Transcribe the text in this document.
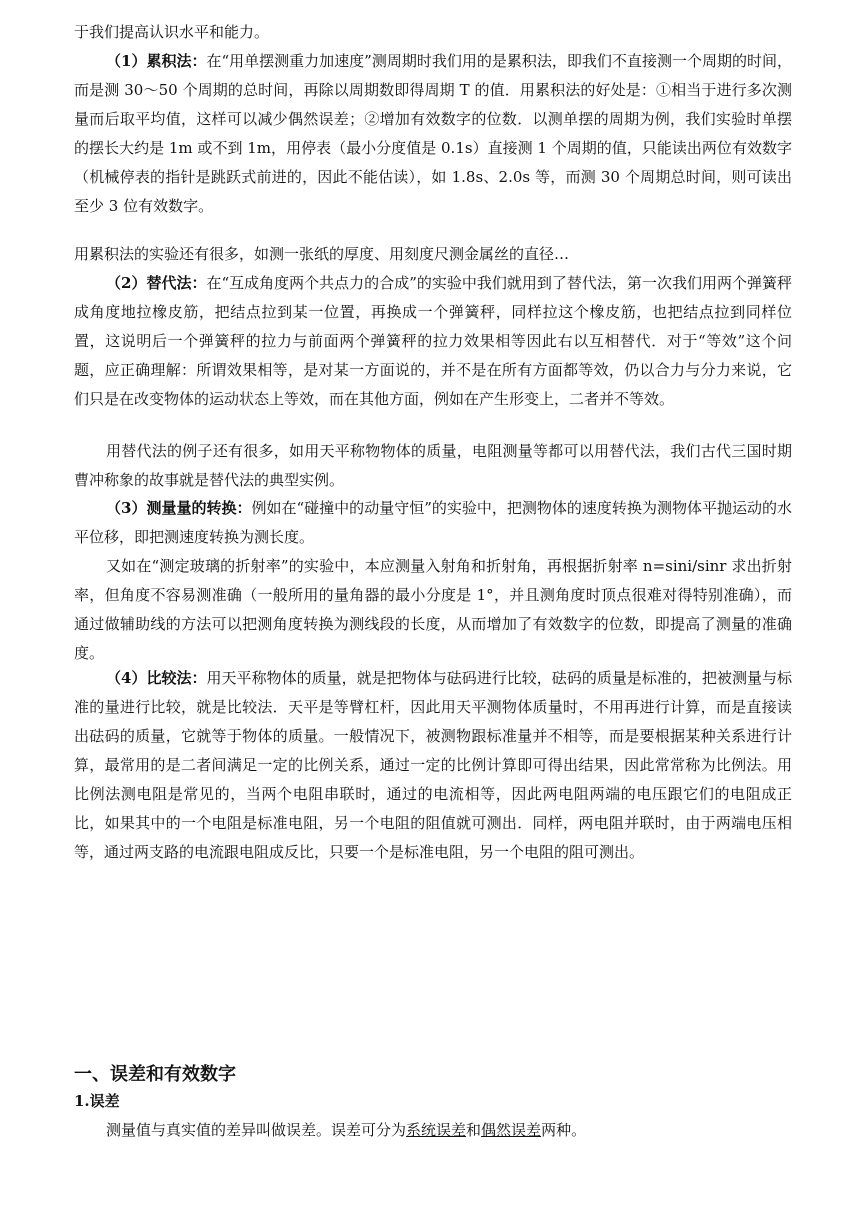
于我们提高认识水平和能力。

（1）累积法：在“用单摆测重力加速度”测周期时我们用的是累积法，即我们不直接测一个周期的时间，而是测 30～50 个周期的总时间，再除以周期数即得周期 T 的值．用累积法的好处是：①相当于进行多次测量而后取平均值，这样可以减少偶然误差；②增加有效数字的位数．以测单摆的周期为例，我们实验时单摆的摆长大约是 1m 或不到 1m，用停表（最小分度值是 0.1s）直接测 1 个周期的值，只能读出两位有效数字（机械停表的指针是跳跃式前进的，因此不能估读），如 1.8s、2.0s 等，而测 30 个周期总时间，则可读出至少 3 位有效数字。

用累积法的实验还有很多，如测一张纸的厚度、用刻度尺测金属丝的直径…

（2）替代法：在“互成角度两个共点力的合成”的实验中我们就用到了替代法，第一次我们用两个弹簧秤成角度地拉橡皮筋，把结点拉到某一位置，再换成一个弹簧秤，同样拉这个橡皮筋，也把结点拉到同样位置，这说明后一个弹簧秤的拉力与前面两个弹簧秤的拉力效果相等因此右以互相替代．对于“等效”这个问题，应正确理解：所谓效果相等，是对某一方面说的，并不是在所有方面都等效，仍以合力与分力来说，它们只是在改变物体的运动状态上等效，而在其他方面，例如在产生形变上，二者并不等效。

用替代法的例子还有很多，如用天平称物物体的质量，电阻测量等都可以用替代法，我们古代三国时期曹冲称象的故事就是替代法的典型实例。

（3）测量量的转换：例如在“碰撞中的动量守恒”的实验中，把测物体的速度转换为测物体平抛运动的水平位移，即把测速度转换为测长度。

又如在“测定玻璃的折射率”的实验中，本应测量入射角和折射角，再根据折射率 n=sini/sinr 求出折射率，但角度不容易测准确（一般所用的量角器的最小分度是 1°，并且测角度时顶点很难对得特别准确），而通过做辅助线的方法可以把测角度转换为测线段的长度，从而增加了有效数字的位数，即提高了测量的准确度。

（4）比较法：用天平称物体的质量，就是把物体与砝码进行比较，砝码的质量是标准的，把被测量与标准的量进行比较，就是比较法．天平是等臂杠杆，因此用天平测物体质量时，不用再进行计算，而是直接读出砝码的质量，它就等于物体的质量。一般情况下，被测物跟标准量并不相等，而是要根据某种关系进行计算，最常用的是二者间满足一定的比例关系，通过一定的比例计算即可得出结果，因此常常称为比例法。用比例法测电阻是常见的，当两个电阻串联时，通过的电流相等，因此两电阻两端的电压跟它们的电阻成正比，如果其中的一个电阻是标准电阻，另一个电阻的阻值就可测出．同样，两电阻并联时，由于两端电压相等，通过两支路的电流跟电阻成反比，只要一个是标准电阻，另一个电阻的阻可测出。

一、误差和有效数字
1.误差

测量值与真实值的差异叫做误差。误差可分为系统误差和偶然误差两种。
